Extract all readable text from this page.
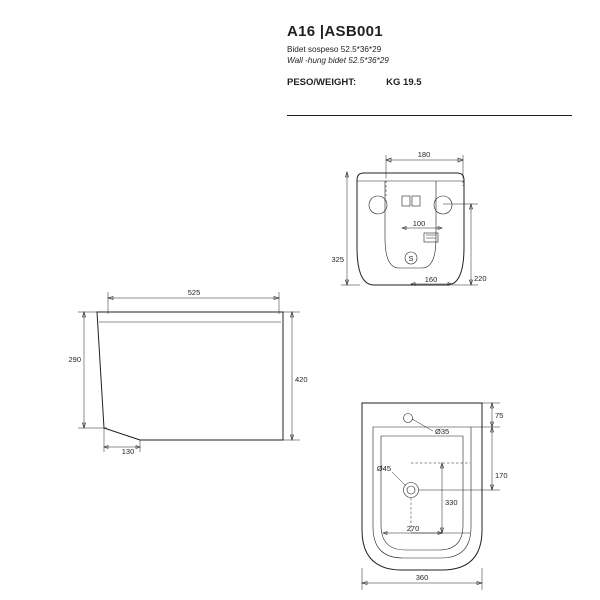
A16 |ASB001
Bidet sospeso 52.5*36*29
Wall -hung bidet 52.5*36*29
PESO/WEIGHT:	KG 19.5
S
180
100
160
325
220
525
290
420
130
Ø35
Ø45
75
170
330
270
360
